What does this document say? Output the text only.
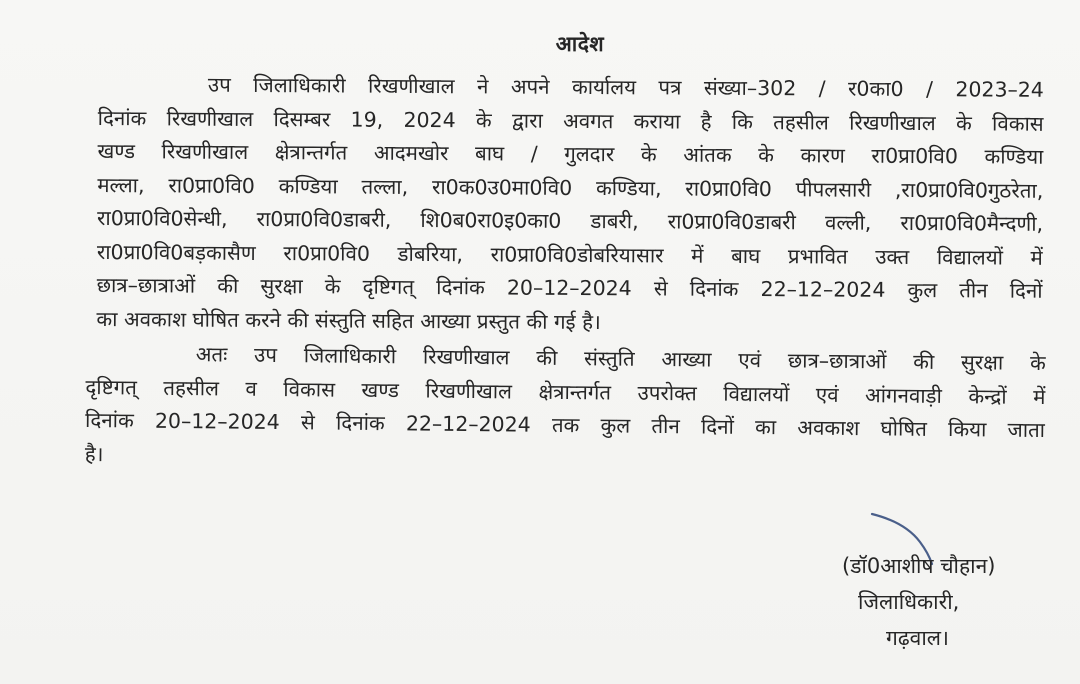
आदेश
उप जिलाधिकारी रिखणीखाल ने अपने कार्यालय पत्र संख्या–302 / र0का0 / 2023–24
दिनांक रिखणीखाल दिसम्बर 19, 2024 के द्वारा अवगत कराया है कि तहसील रिखणीखाल के विकास
खण्ड रिखणीखाल क्षेत्रान्तर्गत आदमखोर बाघ / गुलदार के आंतक के कारण रा0प्रा0वि0 कण्डिया
मल्ला, रा0प्रा0वि0 कण्डिया तल्ला, रा0क0उ0मा0वि0 कण्डिया, रा0प्रा0वि0 पीपलसारी ,रा0प्रा0वि0गुठरेता,
रा0प्रा0वि0सेन्धी, रा0प्रा0वि0डाबरी, शि0ब0रा0इ0का0 डाबरी, रा0प्रा0वि0डाबरी वल्ली, रा0प्रा0वि0मैन्दणी,
रा0प्रा0वि0बड़कासैण रा0प्रा0वि0 डोबरिया, रा0प्रा0वि0डोबरियासार में बाघ प्रभावित उक्त विद्यालयों में
छात्र–छात्राओं की सुरक्षा के दृष्टिगत् दिनांक 20–12–2024 से दिनांक 22–12–2024 कुल तीन दिनों
का अवकाश घोषित करने की संस्तुति सहित आख्या प्रस्तुत की गई है।
अतः उप जिलाधिकारी रिखणीखाल की संस्तुति आख्या एवं छात्र–छात्राओं की सुरक्षा के
दृष्टिगत् तहसील व विकास खण्ड रिखणीखाल क्षेत्रान्तर्गत उपरोक्त विद्यालयों एवं आंगनवाड़ी केन्द्रों में
दिनांक 20–12–2024 से दिनांक 22–12–2024 तक कुल तीन दिनों का अवकाश घोषित किया जाता
है।
(डॉ0आशीष चौहान)
जिलाधिकारी,
गढ़वाल।
